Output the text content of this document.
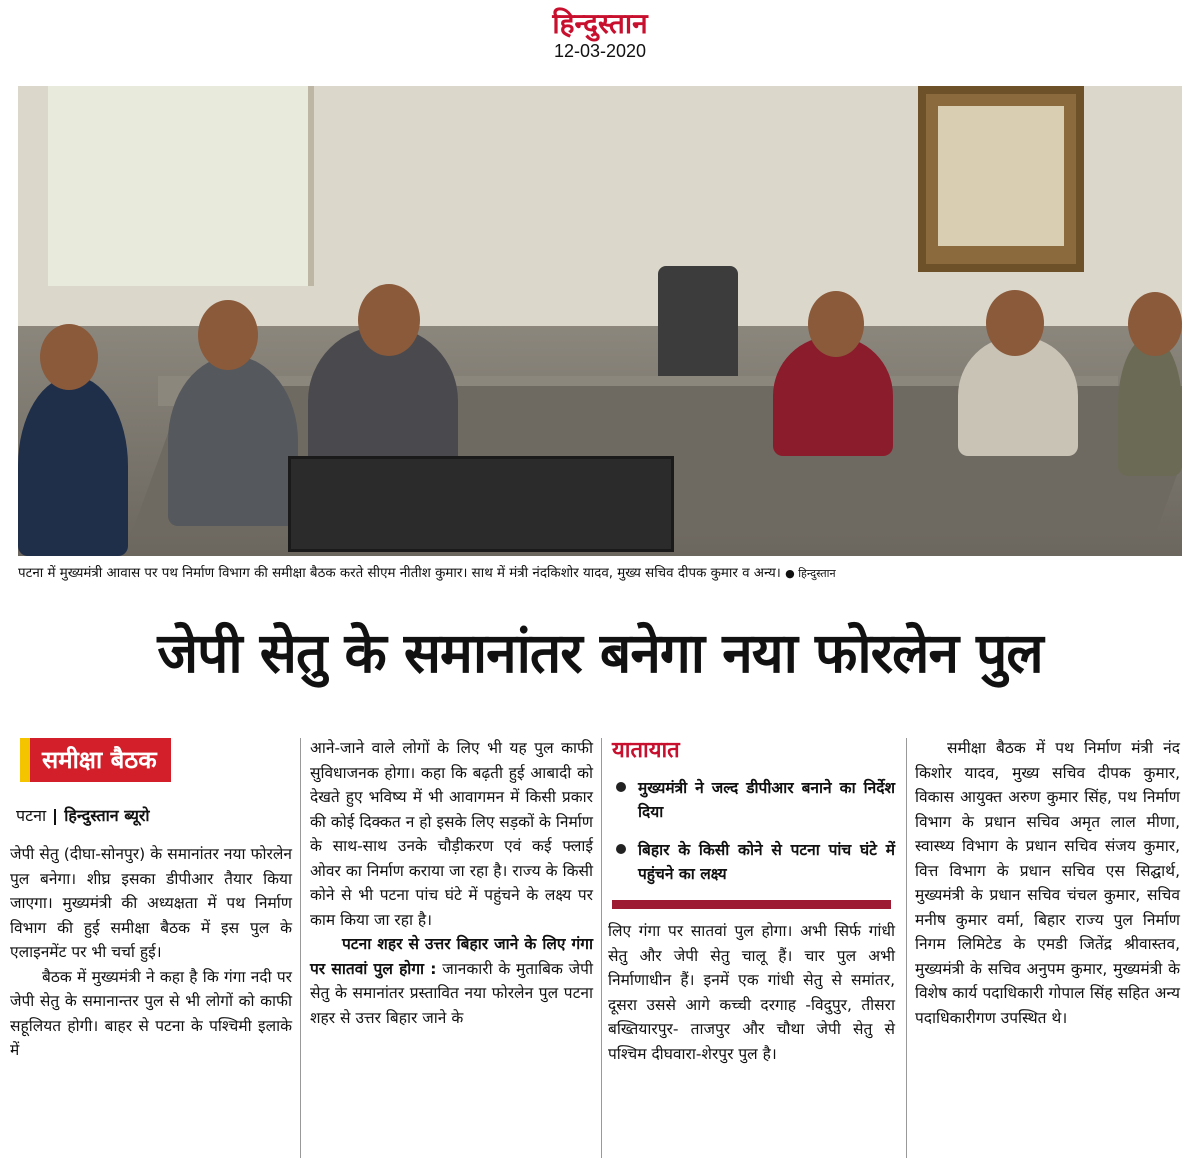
हिन्दुस्तान
12-03-2020
पटना में मुख्यमंत्री आवास पर पथ निर्माण विभाग की समीक्षा बैठक करते सीएम नीतीश कुमार। साथ में मंत्री नंदकिशोर यादव, मुख्य सचिव दीपक कुमार व अन्य। ● हिन्दुस्तान
जेपी सेतु के समानांतर बनेगा नया फोरलेन पुल
समीक्षा बैठक
पटना हिन्दुस्तान ब्यूरो

जेपी सेतु (दीघा-सोनपुर) के समानांतर नया फोरलेन पुल बनेगा। शीघ्र इसका डीपीआर तैयार किया जाएगा। मुख्यमंत्री की अध्यक्षता में पथ निर्माण विभाग की हुई समीक्षा बैठक में इस पुल के एलाइनमेंट पर भी चर्चा हुई।

बैठक में मुख्यमंत्री ने कहा है कि गंगा नदी पर जेपी सेतु के समानान्तर पुल से भी लोगों को काफी सहूलियत होगी। बाहर से पटना के पश्चिमी इलाके में

आने-जाने वाले लोगों के लिए भी यह पुल काफी सुविधाजनक होगा। कहा कि बढ़ती हुई आबादी को देखते हुए भविष्य में भी आवागमन में किसी प्रकार की कोई दिक्कत न हो इसके लिए सड़कों के निर्माण के साथ-साथ उनके चौड़ीकरण एवं कई फ्लाई ओवर का निर्माण कराया जा रहा है। राज्य के किसी कोने से भी पटना पांच घंटे में पहुंचने के लक्ष्य पर काम किया जा रहा है।

पटना शहर से उत्तर बिहार जाने के लिए गंगा पर सातवां पुल होगा : जानकारी के मुताबिक जेपी सेतु के समानांतर प्रस्तावित नया फोरलेन पुल पटना शहर से उत्तर बिहार जाने के

यातायात
मुख्यमंत्री ने जल्द डीपीआर बनाने का निर्देश दिया
बिहार के किसी कोने से पटना पांच घंटे में पहुंचने का लक्ष्य

लिए गंगा पर सातवां पुल होगा। अभी सिर्फ गांधी सेतु और जेपी सेतु चालू हैं। चार पुल अभी निर्माणाधीन हैं। इनमें एक गांधी सेतु से समांतर, दूसरा उससे आगे कच्ची दरगाह -विदुपुर, तीसरा बख्तियारपुर- ताजपुर और चौथा जेपी सेतु से पश्चिम दीघवारा-शेरपुर पुल है।

समीक्षा बैठक में पथ निर्माण मंत्री नंद किशोर यादव, मुख्य सचिव दीपक कुमार, विकास आयुक्त अरुण कुमार सिंह, पथ निर्माण विभाग के प्रधान सचिव अमृत लाल मीणा, स्वास्थ्य विभाग के प्रधान सचिव संजय कुमार, वित्त विभाग के प्रधान सचिव एस सिद्घार्थ, मुख्यमंत्री के प्रधान सचिव चंचल कुमार, सचिव मनीष कुमार वर्मा, बिहार राज्य पुल निर्माण निगम लिमिटेड के एमडी जितेंद्र श्रीवास्तव, मुख्यमंत्री के सचिव अनुपम कुमार, मुख्यमंत्री के विशेष कार्य पदाधिकारी गोपाल सिंह सहित अन्य पदाधिकारीगण उपस्थित थे।
